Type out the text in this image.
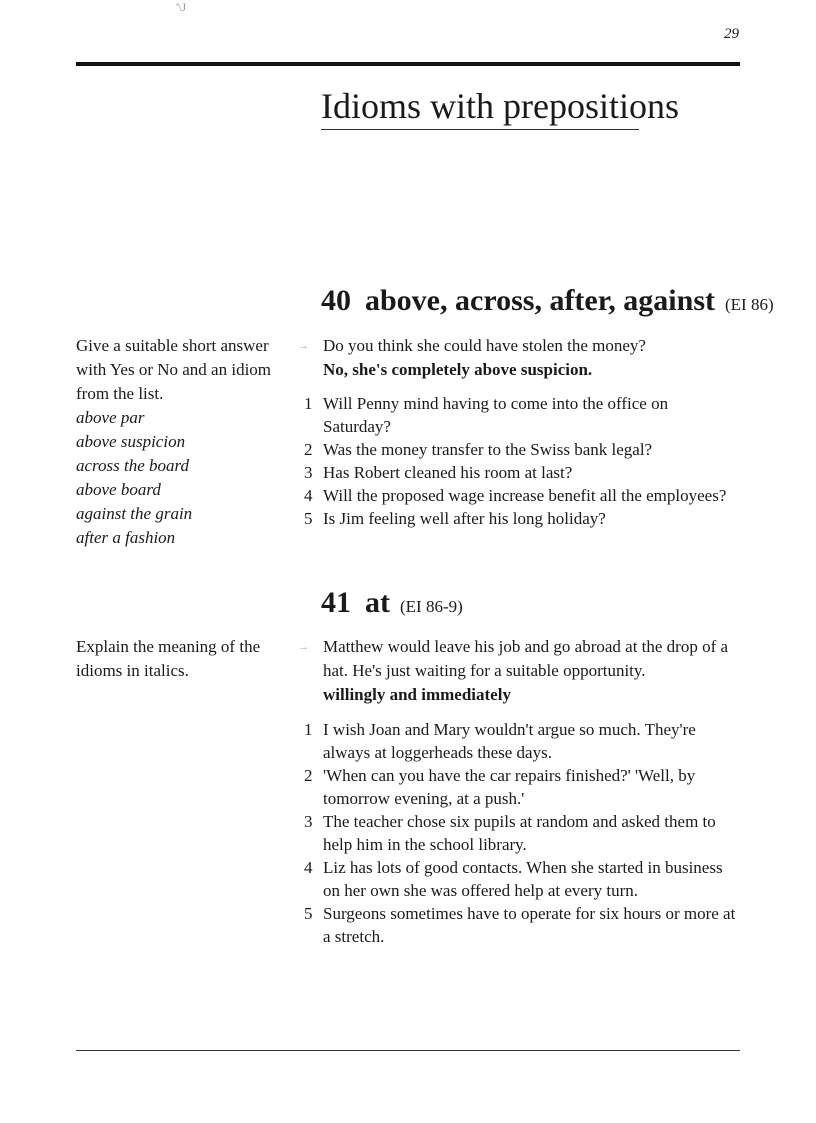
'\J
29
Idioms with prepositions
40 above, across, after, against (EI 86)
Give a suitable short answer with Yes or No and an idiom from the list.
above par
above suspicion
across the board
above board
against the grain
after a fashion
→ Do you think she could have stolen the money?
No, she's completely above suspicion.
1 Will Penny mind having to come into the office on Saturday?
2 Was the money transfer to the Swiss bank legal?
3 Has Robert cleaned his room at last?
4 Will the proposed wage increase benefit all the employees?
5 Is Jim feeling well after his long holiday?
41 at (EI 86-9)
Explain the meaning of the idioms in italics.
→ Matthew would leave his job and go abroad at the drop of a hat. He's just waiting for a suitable opportunity.
willingly and immediately
1 I wish Joan and Mary wouldn't argue so much. They're always at loggerheads these days.
2 'When can you have the car repairs finished?' 'Well, by tomorrow evening, at a push.'
3 The teacher chose six pupils at random and asked them to help him in the school library.
4 Liz has lots of good contacts. When she started in business on her own she was offered help at every turn.
5 Surgeons sometimes have to operate for six hours or more at a stretch.
